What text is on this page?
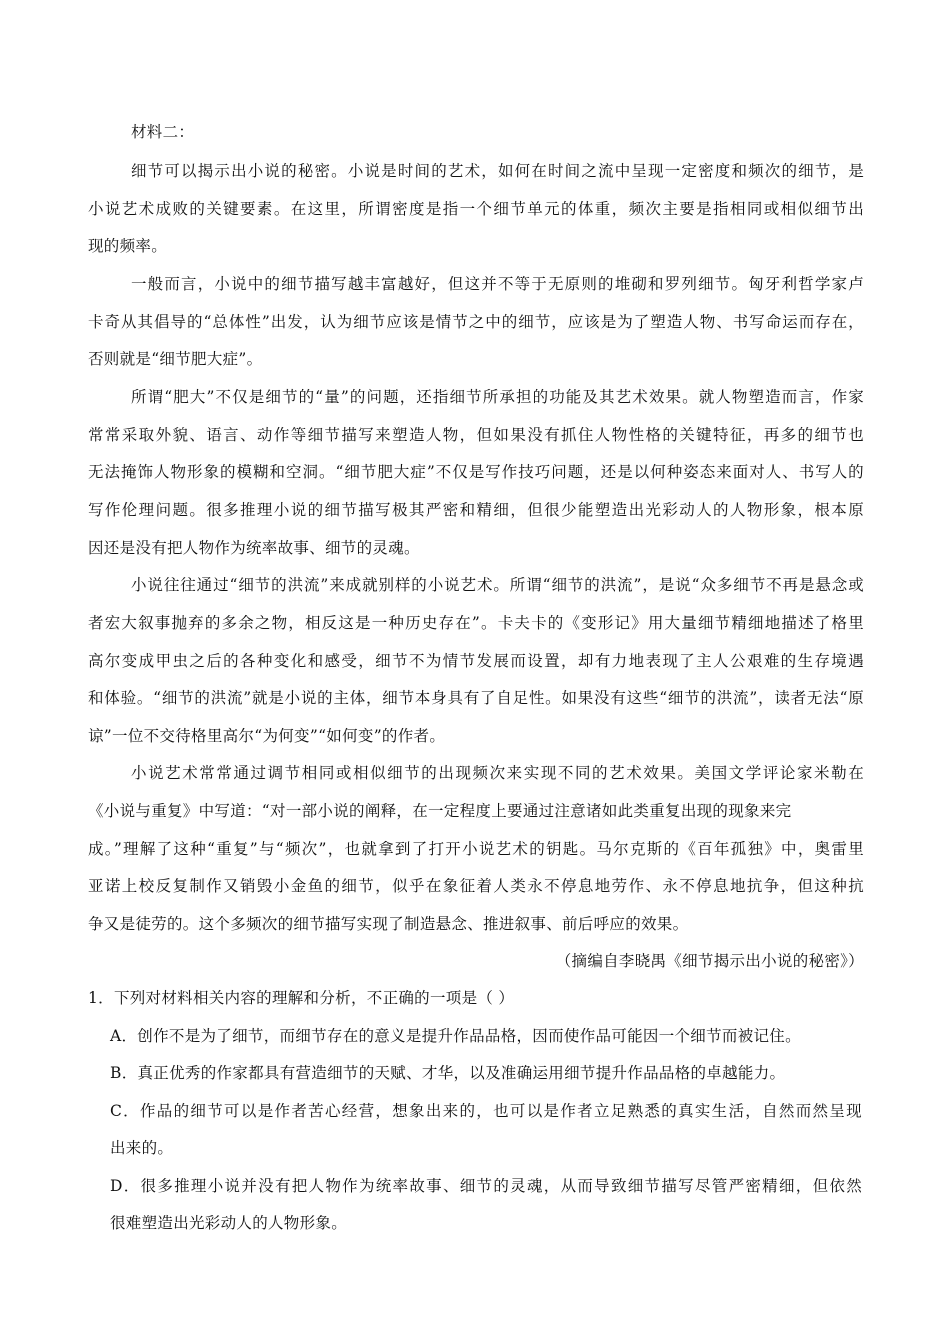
材料二：
细节可以揭示出小说的秘密。小说是时间的艺术，如何在时间之流中呈现一定密度和频次的细节，是
小说艺术成败的关键要素。在这里，所谓密度是指一个细节单元的体重，频次主要是指相同或相似细节出
现的频率。
一般而言，小说中的细节描写越丰富越好，但这并不等于无原则的堆砌和罗列细节。匈牙利哲学家卢
卡奇从其倡导的“总体性”出发，认为细节应该是情节之中的细节，应该是为了塑造人物、书写命运而存在，
否则就是“细节肥大症”。
所谓“肥大”不仅是细节的“量”的问题，还指细节所承担的功能及其艺术效果。就人物塑造而言，作家
常常采取外貌、语言、动作等细节描写来塑造人物，但如果没有抓住人物性格的关键特征，再多的细节也
无法掩饰人物形象的模糊和空洞。“细节肥大症”不仅是写作技巧问题，还是以何种姿态来面对人、书写人的
写作伦理问题。很多推理小说的细节描写极其严密和精细，但很少能塑造出光彩动人的人物形象，根本原
因还是没有把人物作为统率故事、细节的灵魂。
小说往往通过“细节的洪流”来成就别样的小说艺术。所谓“细节的洪流”，是说“众多细节不再是悬念或
者宏大叙事抛弃的多余之物，相反这是一种历史存在”。卡夫卡的《变形记》用大量细节精细地描述了格里
高尔变成甲虫之后的各种变化和感受，细节不为情节发展而设置，却有力地表现了主人公艰难的生存境遇
和体验。“细节的洪流”就是小说的主体，细节本身具有了自足性。如果没有这些“细节的洪流”，读者无法“原
谅”一位不交待格里高尔“为何变”“如何变”的作者。
小说艺术常常通过调节相同或相似细节的出现频次来实现不同的艺术效果。美国文学评论家米勒在
《小说与重复》中写道：“对一部小说的阐释，在一定程度上要通过注意诸如此类重复出现的现象来完
成。”理解了这种“重复”与“频次”，也就拿到了打开小说艺术的钥匙。马尔克斯的《百年孤独》中，奥雷里
亚诺上校反复制作又销毁小金鱼的细节，似乎在象征着人类永不停息地劳作、永不停息地抗争，但这种抗
争又是徒劳的。这个多频次的细节描写实现了制造悬念、推进叙事、前后呼应的效果。
（摘编自李晓禺《细节揭示出小说的秘密》）
1．下列对材料相关内容的理解和分析，不正确的一项是（ ）
A．创作不是为了细节，而细节存在的意义是提升作品品格，因而使作品可能因一个细节而被记住。
B．真正优秀的作家都具有营造细节的天赋、才华，以及准确运用细节提升作品品格的卓越能力。
C．作品的细节可以是作者苦心经营，想象出来的，也可以是作者立足熟悉的真实生活，自然而然呈现
出来的。
D．很多推理小说并没有把人物作为统率故事、细节的灵魂，从而导致细节描写尽管严密精细，但依然
很难塑造出光彩动人的人物形象。
